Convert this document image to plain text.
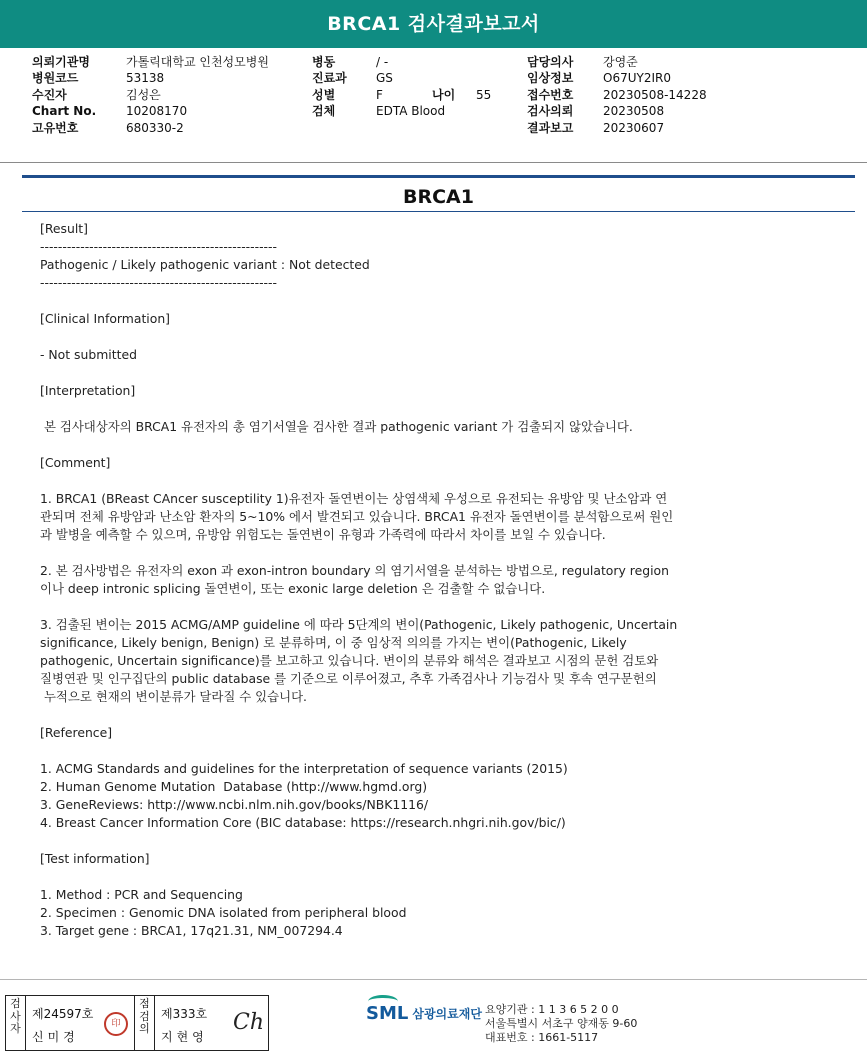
BRCA1 검사결과보고서
의뢰기관명	가톨릭대학교 인천성모병원
병원코드	53138
수진자	김성은
Chart No.	10208170
고유번호	680330-2
병동	/ -
진료과	GS
성별	F	나이	55
검체	EDTA Blood
담당의사	강영준
임상정보	O67UY2IR0
접수번호	20230508-14228
검사의뢰	20230508
결과보고	20230607
BRCA1
[Result]
-----------------------------------------------------
Pathogenic / Likely pathogenic variant : Not detected
-----------------------------------------------------
[Clinical Information]
- Not submitted
[Interpretation]
본 검사대상자의 BRCA1 유전자의 총 염기서열을 검사한 결과 pathogenic variant 가 검출되지 않았습니다.
[Comment]
1. BRCA1 (BReast CAncer susceptility 1)유전자 돌연변이는 상염색체 우성으로 유전되는 유방암 및 난소암과 연
관되며 전체 유방암과 난소암 환자의 5~10% 에서 발견되고 있습니다. BRCA1 유전자 돌연변이를 분석함으로써 원인
과 발병을 예측할 수 있으며, 유방암 위험도는 돌연변이 유형과 가족력에 따라서 차이를 보일 수 있습니다.
2. 본 검사방법은 유전자의 exon 과 exon-intron boundary 의 염기서열을 분석하는 방법으로, regulatory region
이나 deep intronic splicing 돌연변이, 또는 exonic large deletion 은 검출할 수 없습니다.
3. 검출된 변이는 2015 ACMG/AMP guideline 에 따라 5단계의 변이(Pathogenic, Likely pathogenic, Uncertain
significance, Likely benign, Benign) 로 분류하며, 이 중 임상적 의의를 가지는 변이(Pathogenic, Likely
pathogenic, Uncertain significance)를 보고하고 있습니다. 변이의 분류와 해석은 결과보고 시점의 문헌 검토와
질병연관 및 인구집단의 public database 를 기준으로 이루어졌고, 추후 가족검사나 기능검사 및 후속 연구문헌의
누적으로 현재의 변이분류가 달라질 수 있습니다.
[Reference]
1. ACMG Standards and guidelines for the interpretation of sequence variants (2015)
2. Human Genome Mutation  Database (http://www.hgmd.org)
3. GeneReviews: http://www.ncbi.nlm.nih.gov/books/NBK1116/
4. Breast Cancer Information Core (BIC database: https://research.nhgri.nih.gov/bic/)
[Test information]
1. Method : PCR and Sequencing
2. Specimen : Genomic DNA isolated from peripheral blood
3. Target gene : BRCA1, 17q21.31, NM_007294.4
검사자
제24597호
신미경
印
점검의
제333호
지현영
Ch	SML 삼광의료재단 요양기관 : 1 1 3 6 5 2 0 0
서울특별시 서초구 양재동 9-60
대표번호 : 1661-5117
